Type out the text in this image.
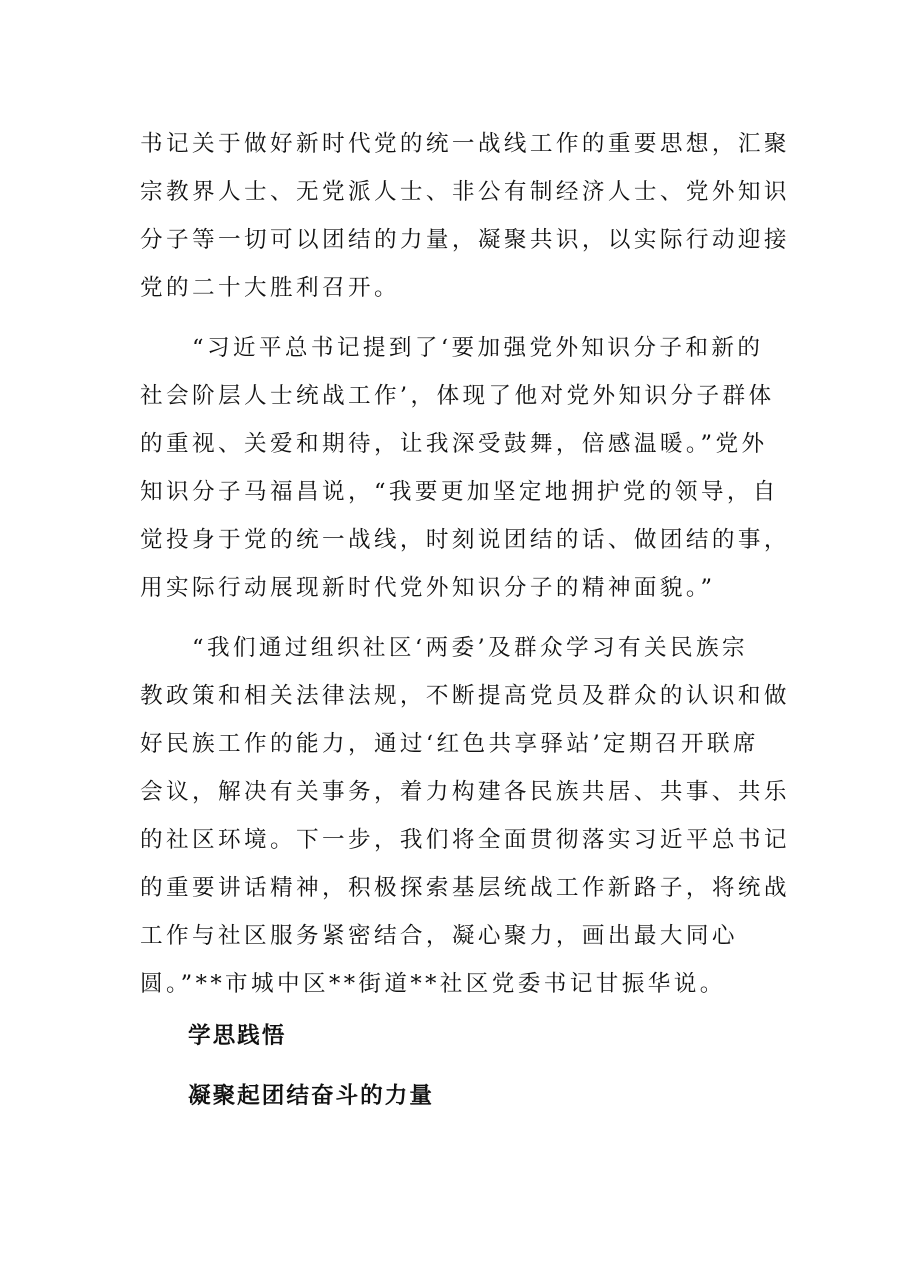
书记关于做好新时代党的统一战线工作的重要思想，汇聚
宗教界人士、无党派人士、非公有制经济人士、党外知识
分子等一切可以团结的力量，凝聚共识，以实际行动迎接
党的二十大胜利召开。
　　“习近平总书记提到了‘要加强党外知识分子和新的
社会阶层人士统战工作’，体现了他对党外知识分子群体
的重视、关爱和期待，让我深受鼓舞，倍感温暖。”党外
知识分子马福昌说，“我要更加坚定地拥护党的领导，自
觉投身于党的统一战线，时刻说团结的话、做团结的事，
用实际行动展现新时代党外知识分子的精神面貌。”
　　“我们通过组织社区‘两委’及群众学习有关民族宗
教政策和相关法律法规，不断提高党员及群众的认识和做
好民族工作的能力，通过‘红色共享驿站’定期召开联席
会议，解决有关事务，着力构建各民族共居、共事、共乐
的社区环境。下一步，我们将全面贯彻落实习近平总书记
的重要讲话精神，积极探索基层统战工作新路子，将统战
工作与社区服务紧密结合，凝心聚力，画出最大同心
圆。”**市城中区**街道**社区党委书记甘振华说。
学思践悟
凝聚起团结奋斗的力量
